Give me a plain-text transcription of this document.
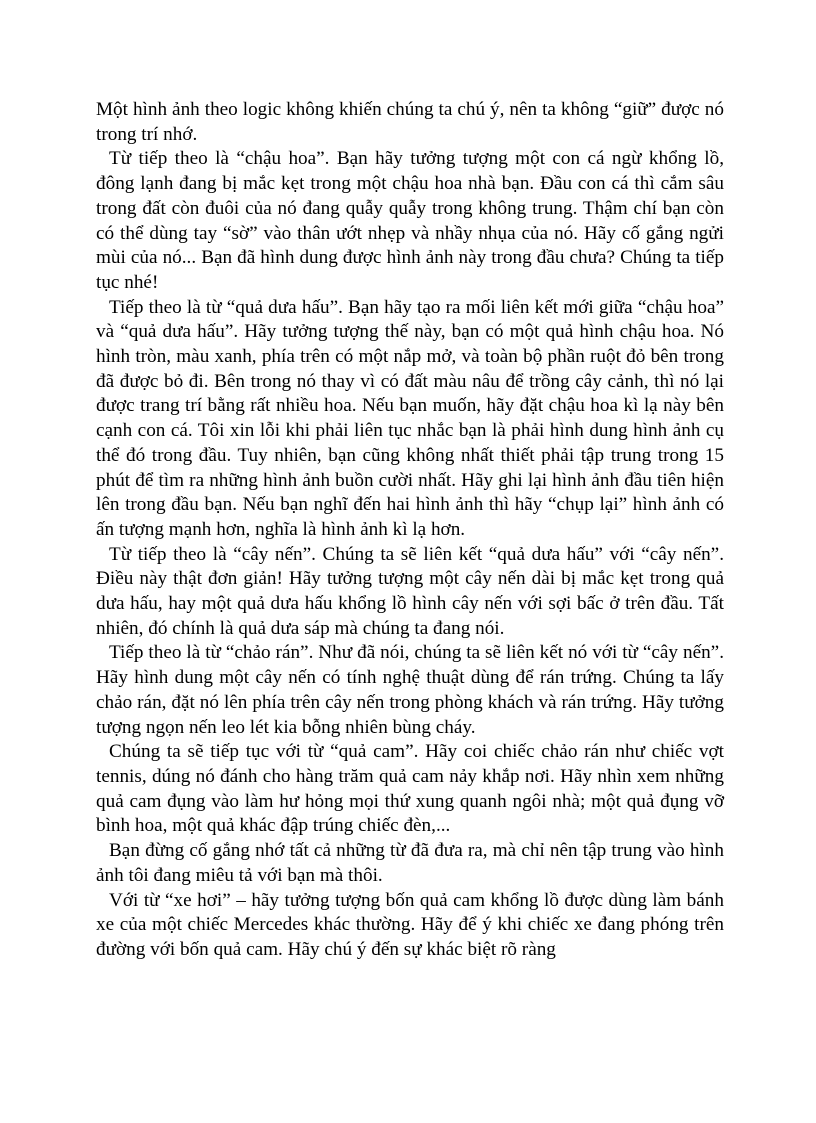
Một hình ảnh theo logic không khiến chúng ta chú ý, nên ta không “giữ” được nó trong trí nhớ.

Từ tiếp theo là “chậu hoa”. Bạn hãy tưởng tượng một con cá ngừ khổng lồ, đông lạnh đang bị mắc kẹt trong một chậu hoa nhà bạn. Đầu con cá thì cắm sâu trong đất còn đuôi của nó đang quẫy quẫy trong không trung. Thậm chí bạn còn có thể dùng tay “sờ” vào thân ướt nhẹp và nhầy nhụa của nó. Hãy cố gắng ngửi mùi của nó... Bạn đã hình dung được hình ảnh này trong đầu chưa? Chúng ta tiếp tục nhé!

Tiếp theo là từ “quả dưa hấu”. Bạn hãy tạo ra mối liên kết mới giữa “chậu hoa” và “quả dưa hấu”. Hãy tưởng tượng thế này, bạn có một quả hình chậu hoa. Nó hình tròn, màu xanh, phía trên có một nắp mở, và toàn bộ phần ruột đỏ bên trong đã được bỏ đi. Bên trong nó thay vì có đất màu nâu để trồng cây cảnh, thì nó lại được trang trí bằng rất nhiều hoa. Nếu bạn muốn, hãy đặt chậu hoa kì lạ này bên cạnh con cá. Tôi xin lỗi khi phải liên tục nhắc bạn là phải hình dung hình ảnh cụ thể đó trong đầu. Tuy nhiên, bạn cũng không nhất thiết phải tập trung trong 15 phút để tìm ra những hình ảnh buồn cười nhất. Hãy ghi lại hình ảnh đầu tiên hiện lên trong đầu bạn. Nếu bạn nghĩ đến hai hình ảnh thì hãy “chụp lại” hình ảnh có ấn tượng mạnh hơn, nghĩa là hình ảnh kì lạ hơn.

Từ tiếp theo là “cây nến”. Chúng ta sẽ liên kết “quả dưa hấu” với “cây nến”. Điều này thật đơn giản! Hãy tưởng tượng một cây nến dài bị mắc kẹt trong quả dưa hấu, hay một quả dưa hấu khổng lồ hình cây nến với sợi bấc ở trên đầu. Tất nhiên, đó chính là quả dưa sáp mà chúng ta đang nói.

Tiếp theo là từ “chảo rán”. Như đã nói, chúng ta sẽ liên kết nó với từ “cây nến”. Hãy hình dung một cây nến có tính nghệ thuật dùng để rán trứng. Chúng ta lấy chảo rán, đặt nó lên phía trên cây nến trong phòng khách và rán trứng. Hãy tưởng tượng ngọn nến leo lét kia bỗng nhiên bùng cháy.

Chúng ta sẽ tiếp tục với từ “quả cam”. Hãy coi chiếc chảo rán như chiếc vợt tennis, dúng nó đánh cho hàng trăm quả cam nảy khắp nơi. Hãy nhìn xem những quả cam đụng vào làm hư hỏng mọi thứ xung quanh ngôi nhà; một quả đụng vỡ bình hoa, một quả khác đập trúng chiếc đèn,...

Bạn đừng cố gắng nhớ tất cả những từ đã đưa ra, mà chỉ nên tập trung vào hình ảnh tôi đang miêu tả với bạn mà thôi.

Với từ “xe hơi” – hãy tưởng tượng bốn quả cam khổng lồ được dùng làm bánh xe của một chiếc Mercedes khác thường. Hãy để ý khi chiếc xe đang phóng trên đường với bốn quả cam. Hãy chú ý đến sự khác biệt rõ ràng
